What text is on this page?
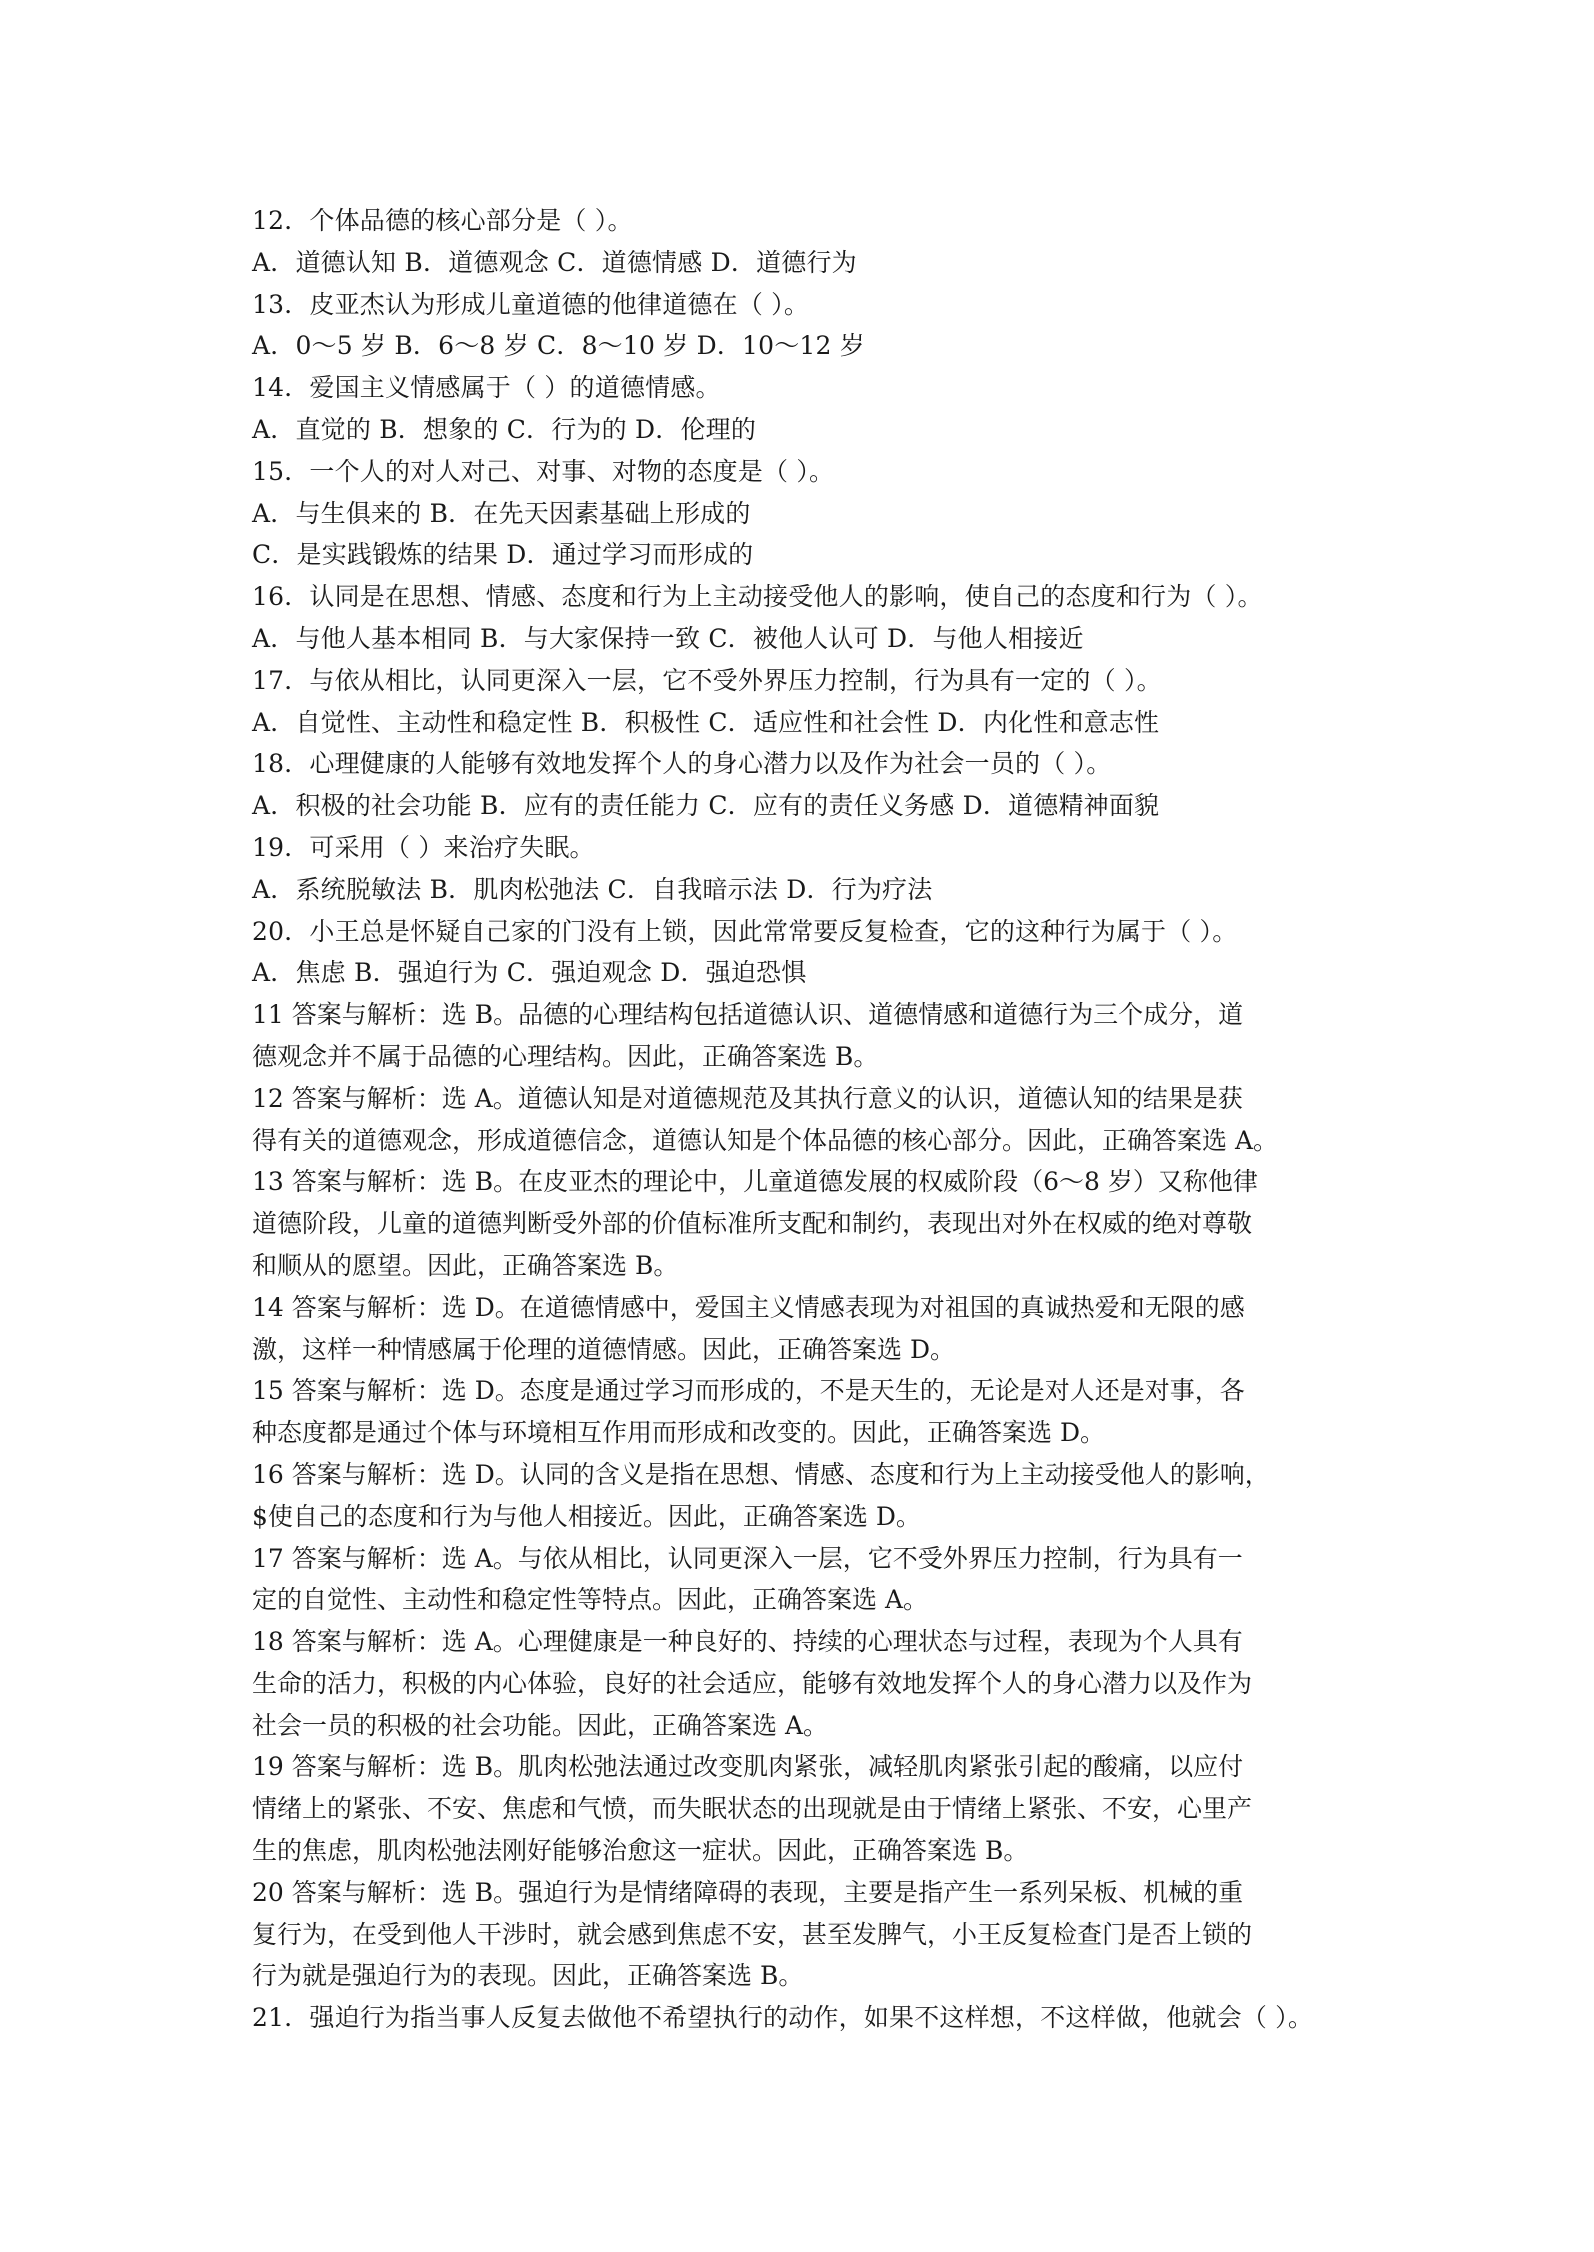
12．个体品德的核心部分是（ ）。
A．道德认知 B．道德观念 C．道德情感 D．道德行为
13．皮亚杰认为形成儿童道德的他律道德在（ ）。
A．0～5 岁 B．6～8 岁 C．8～10 岁 D．10～12 岁
14．爱国主义情感属于（ ）的道德情感。
A．直觉的 B．想象的 C．行为的 D．伦理的
15．一个人的对人对己、对事、对物的态度是（ ）。
A．与生俱来的 B．在先天因素基础上形成的
C．是实践锻炼的结果 D．通过学习而形成的
16．认同是在思想、情感、态度和行为上主动接受他人的影响，使自己的态度和行为（ ）。
A．与他人基本相同 B．与大家保持一致 C．被他人认可 D．与他人相接近
17．与依从相比，认同更深入一层，它不受外界压力控制，行为具有一定的（ ）。
A．自觉性、主动性和稳定性 B．积极性 C．适应性和社会性 D．内化性和意志性
18．心理健康的人能够有效地发挥个人的身心潜力以及作为社会一员的（ ）。
A．积极的社会功能 B．应有的责任能力 C．应有的责任义务感 D．道德精神面貌
19．可采用（ ）来治疗失眠。
A．系统脱敏法 B．肌肉松弛法 C．自我暗示法 D．行为疗法
20．小王总是怀疑自己家的门没有上锁，因此常常要反复检查，它的这种行为属于（ ）。
A．焦虑 B．强迫行为 C．强迫观念 D．强迫恐惧
11 答案与解析：选 B。品德的心理结构包括道德认识、道德情感和道德行为三个成分，道
德观念并不属于品德的心理结构。因此，正确答案选 B。
12 答案与解析：选 A。道德认知是对道德规范及其执行意义的认识，道德认知的结果是获
得有关的道德观念，形成道德信念，道德认知是个体品德的核心部分。因此，正确答案选 A。
13 答案与解析：选 B。在皮亚杰的理论中，儿童道德发展的权威阶段（6～8 岁）又称他律
道德阶段，儿童的道德判断受外部的价值标准所支配和制约，表现出对外在权威的绝对尊敬
和顺从的愿望。因此，正确答案选 B。
14 答案与解析：选 D。在道德情感中，爱国主义情感表现为对祖国的真诚热爱和无限的感
激，这样一种情感属于伦理的道德情感。因此，正确答案选 D。
15 答案与解析：选 D。态度是通过学习而形成的，不是天生的，无论是对人还是对事，各
种态度都是通过个体与环境相互作用而形成和改变的。因此，正确答案选 D。
16 答案与解析：选 D。认同的含义是指在思想、情感、态度和行为上主动接受他人的影响，
$使自己的态度和行为与他人相接近。因此，正确答案选 D。
17 答案与解析：选 A。与依从相比，认同更深入一层，它不受外界压力控制，行为具有一
定的自觉性、主动性和稳定性等特点。因此，正确答案选 A。
18 答案与解析：选 A。心理健康是一种良好的、持续的心理状态与过程，表现为个人具有
生命的活力，积极的内心体验，良好的社会适应，能够有效地发挥个人的身心潜力以及作为
社会一员的积极的社会功能。因此，正确答案选 A。
19 答案与解析：选 B。肌肉松弛法通过改变肌肉紧张，减轻肌肉紧张引起的酸痛，以应付
情绪上的紧张、不安、焦虑和气愤，而失眠状态的出现就是由于情绪上紧张、不安，心里产
生的焦虑，肌肉松弛法刚好能够治愈这一症状。因此，正确答案选 B。
20 答案与解析：选 B。强迫行为是情绪障碍的表现，主要是指产生一系列呆板、机械的重
复行为，在受到他人干涉时，就会感到焦虑不安，甚至发脾气，小王反复检查门是否上锁的
行为就是强迫行为的表现。因此，正确答案选 B。
21．强迫行为指当事人反复去做他不希望执行的动作，如果不这样想，不这样做，他就会（ ）。
